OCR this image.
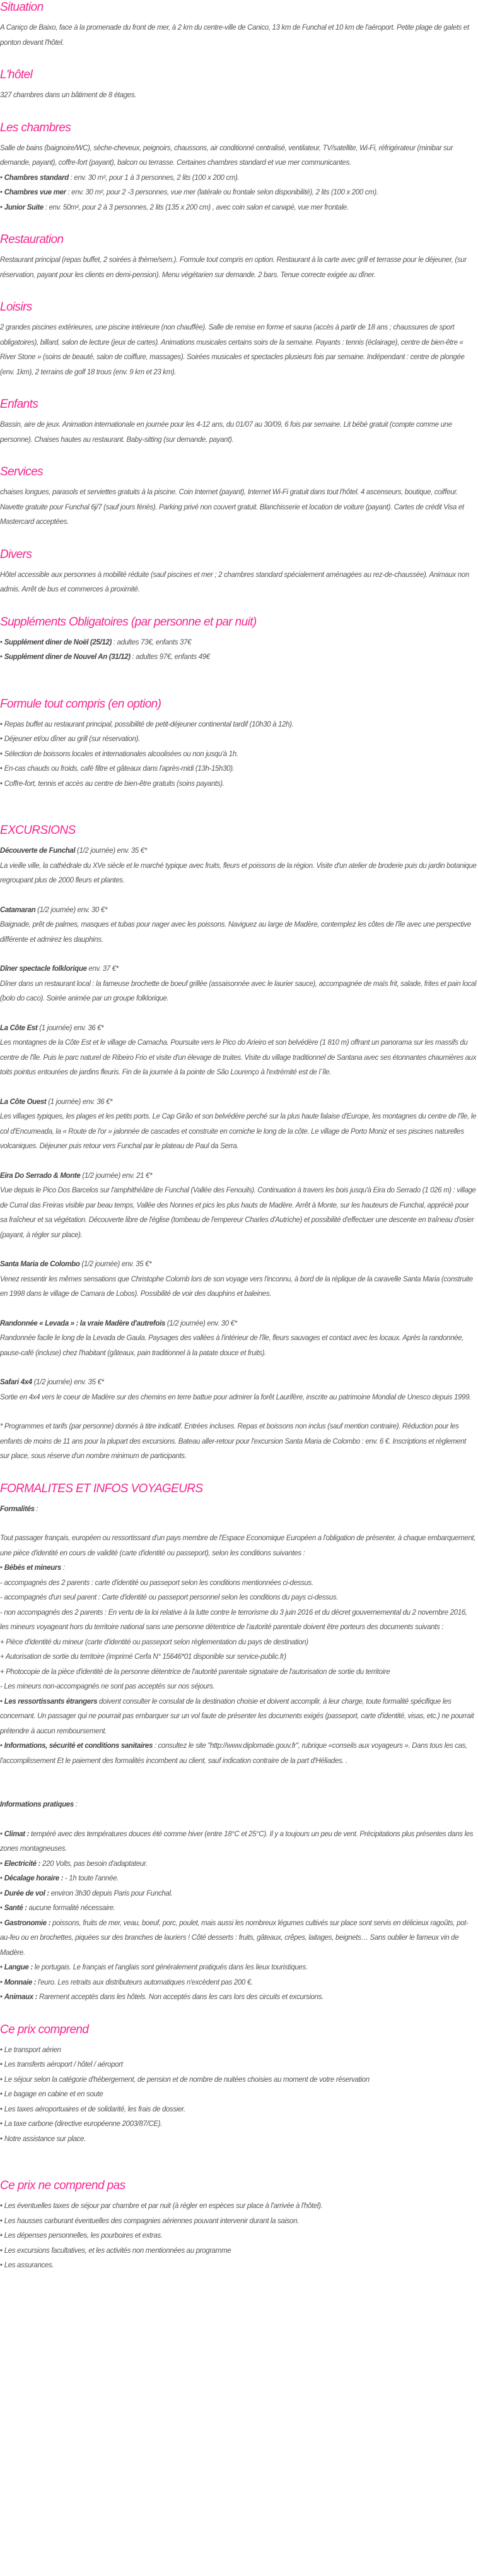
Situation

A Caniço de Baixo, face à la promenade du front de mer, à 2 km du centre-ville de Canico, 13 km de Funchal et 10 km de l'aéroport. Petite plage de galets et ponton devant l'hôtel.

L'hôtel

327 chambres dans un bâtiment de 8 étages.

Les chambres

Salle de bains (baignoire/WC), sèche-cheveux, peignoirs, chaussons, air conditionné centralisé, ventilateur, TV/satellite, Wi-Fi, réfrigérateur (minibar sur demande, payant), coffre-fort (payant), balcon ou terrasse. Certaines chambres standard et vue mer communicantes.

• Chambres standard : env. 30 m², pour 1 à 3 personnes, 2 lits (100 x 200 cm).
• Chambres vue mer : env. 30 m², pour 2 -3 personnes, vue mer (latérale ou frontale selon disponibilité), 2 lits (100 x 200 cm).
• Junior Suite : env. 50m², pour 2 à 3 personnes, 2 lits (135 x 200 cm) , avec coin salon et canapé, vue mer frontale.
Restauration

Restaurant principal (repas buffet, 2 soirées à thème/sem.). Formule tout compris en option. Restaurant à la carte avec grill et terrasse pour le déjeuner, (sur réservation, payant pour les clients en demi-pension). Menu végétarien sur demande. 2 bars. Tenue correcte exigée au dîner.

Loisirs

2 grandes piscines extérieures, une piscine intérieure (non chauffée). Salle de remise en forme et sauna (accès à partir de 18 ans ; chaussures de sport obligatoires), billard, salon de lecture (jeux de cartes). Animations musicales certains soirs de la semaine. Payants : tennis (éclairage), centre de bien-être « River Stone » (soins de beauté, salon de coiffure, massages). Soirées musicales et spectacles plusieurs fois par semaine. Indépendant : centre de plongée (env. 1km), 2 terrains de golf 18 trous (env. 9 km et 23 km).

Enfants

Bassin, aire de jeux. Animation internationale en journée pour les 4-12 ans, du 01/07 au 30/09, 6 fois par semaine. Lit bébé gratuit (compte comme une personne). Chaises hautes au restaurant. Baby-sitting (sur demande, payant).

Services

chaises longues, parasols et serviettes gratuits à la piscine. Coin Internet (payant), Internet Wi-Fi gratuit dans tout l'hôtel. 4 ascenseurs, boutique, coiffeur. Navette gratuite pour Funchal 6j/7 (sauf jours fériés). Parking privé non couvert gratuit. Blanchisserie et location de voiture (payant). Cartes de crédit Visa et Mastercard acceptées.

Divers

Hôtel accessible aux personnes à mobilité réduite (sauf piscines et mer ; 2 chambres standard spécialement aménagées au rez-de-chaussée). Animaux non admis. Arrêt de bus et commerces à proximité.

Suppléments Obligatoires (par personne et par nuit)
• Supplément diner de Noël (25/12) : adultes 73€, enfants 37€
• Supplément diner de Nouvel An (31/12) : adultes 97€, enfants 49€
Formule tout compris (en option)
• Repas buffet au restaurant principal, possibilité de petit-déjeuner continental tardif (10h30 à 12h).
• Déjeuner et/ou dîner au grill (sur réservation).
• Sélection de boissons locales et internationales alcoolisées ou non jusqu'à 1h.
• En-cas chauds ou froids, café filtre et gâteaux dans l'après-midi (13h-15h30).
• Coffre-fort, tennis et accès au centre de bien-être gratuits (soins payants).
EXCURSIONS

Découverte de Funchal (1/2 journée) env. 35 €*

La vieille ville, la cathédrale du XVe siècle et le marché typique avec fruits, fleurs et poissons de la région. Visite d'un atelier de broderie puis du jardin botanique regroupant plus de 2000 fleurs et plantes.

Catamaran (1/2 journée) env. 30 €*

Baignade, prêt de palmes, masques et tubas pour nager avec les poissons. Naviguez au large de Madère, contemplez les côtes de l'île avec une perspective différente et admirez les dauphins.

Dîner spectacle folklorique env. 37 €*

Dîner dans un restaurant local : la fameuse brochette de boeuf grillée (assaisonnée avec le laurier sauce), accompagnée de maïs frit, salade, frites et pain local (bolo do caco). Soirée animée par un groupe folklorique.

La Côte Est (1 journée) env. 36 €*

Les montagnes de la Côte Est et le village de Camacha. Poursuite vers le Pico do Arieiro et son belvédère (1 810 m) offrant un panorama sur les massifs du centre de l'île. Puis le parc naturel de Ribeiro Frio et visite d'un élevage de truites. Visite du village traditionnel de Santana avec ses étonnantes chaumières aux toits pointus entourées de jardins fleuris. Fin de la journée à la pointe de São Lourenço à l'extrémité est de l´île.

La Côte Ouest (1 journée) env. 36 €*

Les villages typiques, les plages et les petits ports. Le Cap Girão et son belvédère perché sur la plus haute falaise d'Europe, les montagnes du centre de l'île, le col d'Encumeada, la « Route de l'or » jalonnée de cascades et construite en corniche le long de la côte. Le village de Porto Moniz et ses piscines naturelles volcaniques. Déjeuner puis retour vers Funchal par le plateau de Paul da Serra.

Eira Do Serrado & Monte (1/2 journée) env. 21 €*

Vue depuis le Pico Dos Barcelos sur l'amphithéâtre de Funchal (Vallée des Fenouils). Continuation à travers les bois jusqu'à Eira do Serrado (1 026 m) : village de Curral das Freiras visible par beau temps, Vallée des Nonnes et pics les plus hauts de Madère. Arrêt à Monte, sur les hauteurs de Funchal, apprécié pour sa fraîcheur et sa végétation. Découverte libre de l'église (tombeau de l'empereur Charles d'Autriche) et possibilité d'effectuer une descente en traîneau d'osier (payant, à régler sur place).

Santa Maria de Colombo (1/2 journée) env. 35 €*

Venez ressentir les mêmes sensations que Christophe Colomb lors de son voyage vers l'inconnu, à bord de la réplique de la caravelle Santa Maria (construite en 1998 dans le village de Camara de Lobos). Possibilité de voir des dauphins et baleines.

Randonnée « Levada » : la vraie Madère d'autrefois (1/2 journée) env. 30 €*

Randonnée facile le long de la Levada de Gaula. Paysages des vallées à l'intérieur de l'île, fleurs sauvages et contact avec les locaux. Après la randonnée, pause-café (incluse) chez l'habitant (gâteaux, pain traditionnel à la patate douce et fruits).

Safari 4x4 (1/2 journée) env. 35 €*

Sortie en 4x4 vers le coeur de Madère sur des chemins en terre battue pour admirer la forêt Laurifère, inscrite au patrimoine Mondial de Unesco depuis 1999.

* Programmes et tarifs (par personne) donnés à titre indicatif. Entrées incluses. Repas et boissons non inclus (sauf mention contraire). Réduction pour les enfants de moins de 11 ans pour la plupart des excursions. Bateau aller-retour pour l'excursion Santa Maria de Colombo : env. 6 €. Inscriptions et règlement sur place, sous réserve d'un nombre minimum de participants.

FORMALITES ET INFOS VOYAGEURS

Formalités :

Tout passager français, européen ou ressortissant d'un pays membre de l'Espace Economique Européen a l'obligation de présenter, à chaque embarquement, une pièce d'identité en cours de validité (carte d'identité ou passeport), selon les conditions suivantes :

• Bébés et mineurs :

- accompagnés des 2 parents : carte d'identité ou passeport selon les conditions mentionnées ci-dessus.

- accompagnés d'un seul parent : Carte d'identité ou passeport personnel selon les conditions du pays ci-dessus.

- non accompagnés des 2 parents : En vertu de la loi relative à la lutte contre le terrorisme du 3 juin 2016 et du décret gouvernemental du 2 novembre 2016, les mineurs voyageant hors du territoire national sans une personne détentrice de l'autorité parentale doivent être porteurs des documents suivants :

+ Pièce d'identité du mineur (carte d'identité ou passeport selon règlementation du pays de destination)

+ Autorisation de sortie du territoire (imprimé Cerfa N° 15646*01 disponible sur service-public.fr)

+ Photocopie de la pièce d'identité de la personne détentrice de l'autorité parentale signataire de l'autorisation de sortie du territoire

- Les mineurs non-accompagnés ne sont pas acceptés sur nos séjours.

• Les ressortissants étrangers doivent consulter le consulat de la destination choisie et doivent accomplir, à leur charge, toute formalité spécifique les concernant. Un passager qui ne pourrait pas embarquer sur un vol faute de présenter les documents exigés (passeport, carte d'identité, visas, etc.) ne pourrait prétendre à aucun remboursement.
• Informations, sécurité et conditions sanitaires : consultez le site "http://www.diplomatie.gouv.fr", rubrique «conseils aux voyageurs ». Dans tous les cas, l'accomplissement Et le paiement des formalités incombent au client, sauf indication contraire de la part d'Héliades. .

Informations pratiques :

• Climat : tempéré avec des températures douces été comme hiver (entre 18°C et 25°C). Il y a toujours un peu de vent. Précipitations plus présentes dans les zones montagneuses.
• Electricité : 220 Volts, pas besoin d'adaptateur.
• Décalage horaire : - 1h toute l'année.
• Durée de vol : environ 3h30 depuis Paris pour Funchal.
• Santé : aucune formalité nécessaire.
• Gastronomie : poissons, fruits de mer, veau, boeuf, porc, poulet, mais aussi les nombreux légumes cultivés sur place sont servis en délicieux ragoûts, pot-au-feu ou en brochettes, piquées sur des branches de lauriers ! Côté desserts : fruits, gâteaux, crêpes, laitages, beignets… Sans oublier le fameux vin de Madère.
• Langue : le portugais. Le français et l'anglais sont généralement pratiqués dans les lieux touristiques.
• Monnaie : l'euro. Les retraits aux distributeurs automatiques n'excèdent pas 200 €.
• Animaux : Rarement acceptés dans les hôtels. Non acceptés dans les cars lors des circuits et excursions.
Ce prix comprend
• Le transport aérien
• Les transferts aéroport / hôtel / aéroport
• Le séjour selon la catégorie d'hébergement, de pension et de nombre de nuitées choisies au moment de votre réservation
• Le bagage en cabine et en soute
• Les taxes aéroportuaires et de solidarité, les frais de dossier.
• La taxe carbone (directive européenne 2003/87/CE).
• Notre assistance sur place.
Ce prix ne comprend pas
• Les éventuelles taxes de séjour par chambre et par nuit (à régler en espèces sur place à l'arrivée à l'hôtel).
• Les hausses carburant éventuelles des compagnies aériennes pouvant intervenir durant la saison.
• Les dépenses personnelles, les pourboires et extras.
• Les excursions facultatives, et les activités non mentionnées au programme
• Les assurances.
